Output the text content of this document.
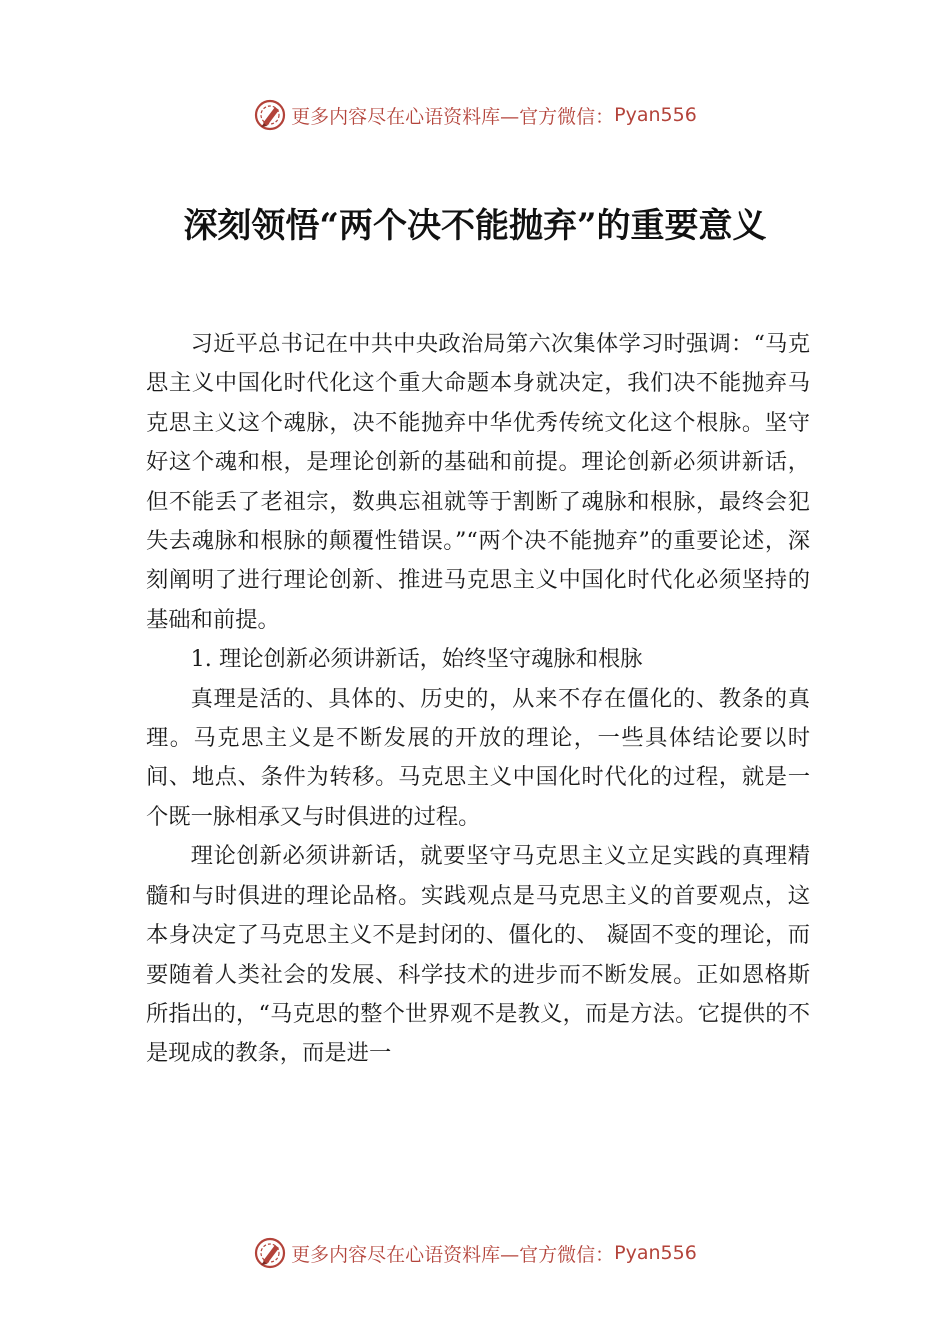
更多内容尽在心语资料库—官方微信： Pyan556
深刻领悟“两个决不能抛弃”的重要意义

习近平总书记在中共中央政治局第六次集体学习时强调：“马克思主义中国化时代化这个重大命题本身就决定，我们决不能抛弃马克思主义这个魂脉，决不能抛弃中华优秀传统文化这个根脉。坚守好这个魂和根，是理论创新的基础和前提。理论创新必须讲新话，但不能丢了老祖宗，数典忘祖就等于割断了魂脉和根脉，最终会犯失去魂脉和根脉的颠覆性错误。”“两个决不能抛弃”的重要论述，深刻阐明了进行理论创新、推进马克思主义中国化时代化必须坚持的基础和前提。

1. 理论创新必须讲新话，始终坚守魂脉和根脉

真理是活的、具体的、历史的，从来不存在僵化的、教条的真理。马克思主义是不断发展的开放的理论，一些具体结论要以时间、地点、条件为转移。马克思主义中国化时代化的过程，就是一个既一脉相承又与时俱进的过程。

理论创新必须讲新话，就要坚守马克思主义立足实践的真理精髓和与时俱进的理论品格。实践观点是马克思主义的首要观点，这本身决定了马克思主义不是封闭的、僵化的、 凝固不变的理论，而要随着人类社会的发展、科学技术的进步而不断发展。正如恩格斯所指出的，“马克思的整个世界观不是教义，而是方法。它提供的不是现成的教条，而是进一

更多内容尽在心语资料库—官方微信： Pyan556
